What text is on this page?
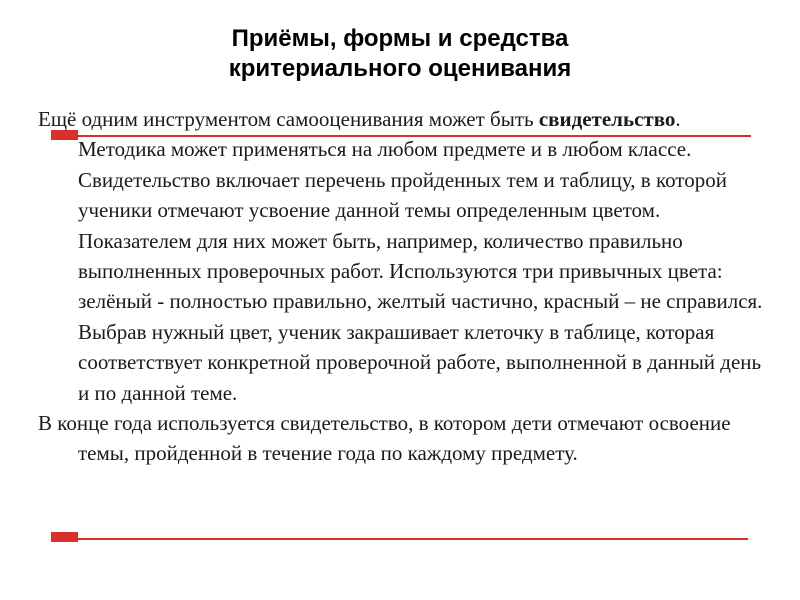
Приёмы, формы и средства
критериального оценивания

Ещё одним инструментом самооценивания может быть свидетельство. Методика может применяться на любом предмете и в любом классе. Свидетельство включает перечень пройденных тем и таблицу, в которой ученики отмечают усвоение данной темы определенным цветом. Показателем для них может быть, например, количество правильно выполненных проверочных работ. Используются три привычных цвета: зелёный - полностью правильно, желтый частично, красный – не справился. Выбрав нужный цвет, ученик закрашивает клеточку в таблице, которая соответствует конкретной проверочной работе, выполненной в данный день и по данной теме.

В конце года используется свидетельство, в котором дети отмечают освоение темы, пройденной в течение года по каждому предмету.
